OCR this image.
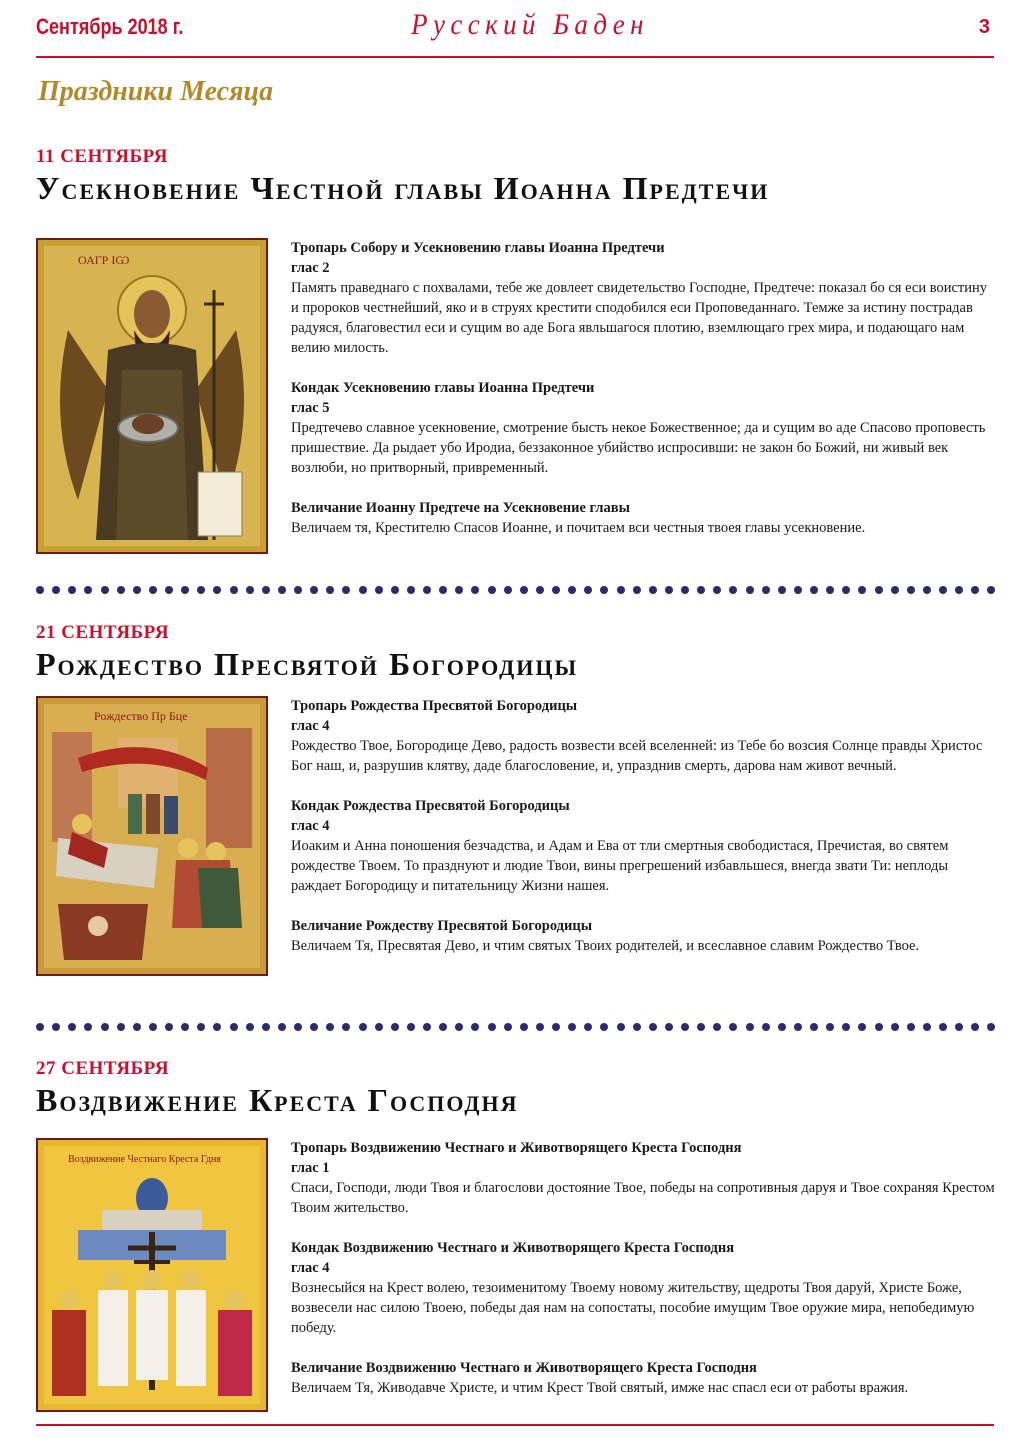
Сентябрь 2018 г.	Русский Баден	3
Праздники Месяца
11 СЕНТЯБРЯ
Усекновение Честной главы Иоанна Предтечи
ОАГР ІѠ

Тропарь Собору и Усекновению главы Иоанна Предтечи

глас 2

Память праведнаго с похвалами, тебе же довлеет свидетельство Господне, Предтече: показал бо ся еси воистину и пророков честнейший, яко и в струях крестити сподобился еси Проповеданнаго. Темже за истину пострадав радуяся, благовестил еси и сущим во аде Бога явльшагося плотию, вземлющаго грех мира, и подающаго нам велию милость.

Кондак Усекновению главы Иоанна Предтечи

глас 5

Предтечево славное усекновение, смотрение бысть некое Божественное; да и сущим во аде Спасово проповесть пришествие. Да рыдает убо Иродиа, беззаконное убийство испросивши: не закон бо Божий, ни живый век возлюби, но притворный, привременный.

Величание Иоанну Предтече на Усекновение главы

Величаем тя, Крестителю Спасов Иоанне, и почитаем вси честныя твоея главы усекновение.

21 СЕНТЯБРЯ
Рождество Пресвятой Богородицы
Рождество Пр Бце

Тропарь Рождества Пресвятой Богородицы

глас 4

Рождество Твое, Богородице Дево, радость возвести всей вселенней: из Тебе бо возсия Солнце правды Христос Бог наш, и, разрушив клятву, даде благословение, и, упразднив смерть, дарова нам живот вечный.

Кондак Рождества Пресвятой Богородицы

глас 4

Иоаким и Анна поношения безчадства, и Адам и Ева от тли смертныя свободистася, Пречистая, во святем рождестве Твоем. То празднуют и людие Твои, вины прегрешений избавльшеся, внегда звати Ти: неплоды раждает Богородицу и питательницу Жизни нашея.

Величание Рождеству Пресвятой Богородицы

Величаем Тя, Пресвятая Дево, и чтим святых Твоих родителей, и всеславное славим Рождество Твое.

27 СЕНТЯБРЯ
Воздвижение Креста Господня
Воздвижение Честнаго Креста Гдня

Тропарь Воздвижению Честнаго и Животворящего Креста Господня

глас 1

Спаси, Господи, люди Твоя и благослови достояние Твое, победы на сопротивныя даруя и Твое сохраняя Крестом Твоим жительство.

Кондак Воздвижению Честнаго и Животворящего Креста Господня

глас 4

Вознесыйся на Крест волею, тезоименитому Твоему новому жительству, щедроты Твоя даруй, Христе Боже, возвесели нас силою Твоею, победы дая нам на сопостаты, пособие имущим Твое оружие мира, непобедимую победу.

Величание Воздвижению Честнаго и Животворящего Креста Господня

Величаем Тя, Живодавче Христе, и чтим Крест Твой святый, имже нас спасл еси от работы вражия.
